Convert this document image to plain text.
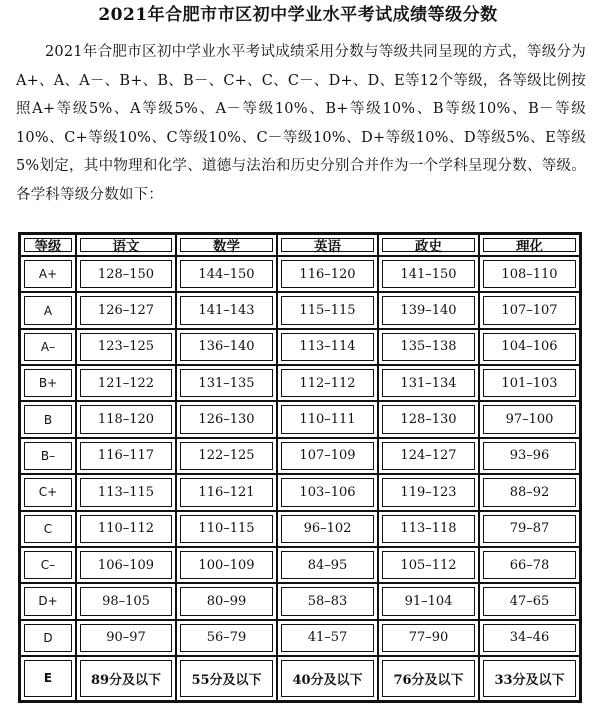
2021年合肥市市区初中学业水平考试成绩等级分数
2021年合肥市区初中学业水平考试成绩采用分数与等级共同呈现的方式，等级分为A+、A、A－、B+、B、B－、C+、C、C－、D+、D、E等12个等级，各等级比例按照A+等级5%、A等级5%、A－等级10%、B+等级10%、B等级10%、B－等级10%、C+等级10%、C等级10%、C－等级10%、D+等级10%、D等级5%、E等级5%划定，其中物理和化学、道德与法治和历史分别合并作为一个学科呈现分数、等级。各学科等级分数如下：
等级	语文	数学	英语	政史	理化
A+	128–150	144–150	116–120	141–150	108–110
A	126–127	141–143	115–115	139–140	107–107
A–	123–125	136–140	113–114	135–138	104–106
B+	121–122	131–135	112–112	131–134	101–103
B	118–120	126–130	110–111	128–130	97–100
B–	116–117	122–125	107–109	124–127	93–96
C+	113–115	116–121	103–106	119–123	88–92
C	110–112	110–115	96–102	113–118	79–87
C–	106–109	100–109	84–95	105–112	66–78
D+	98–105	80–99	58–83	91–104	47–65
D	90–97	56–79	41–57	77–90	34–46
E	89分及以下	55分及以下	40分及以下	76分及以下	33分及以下
